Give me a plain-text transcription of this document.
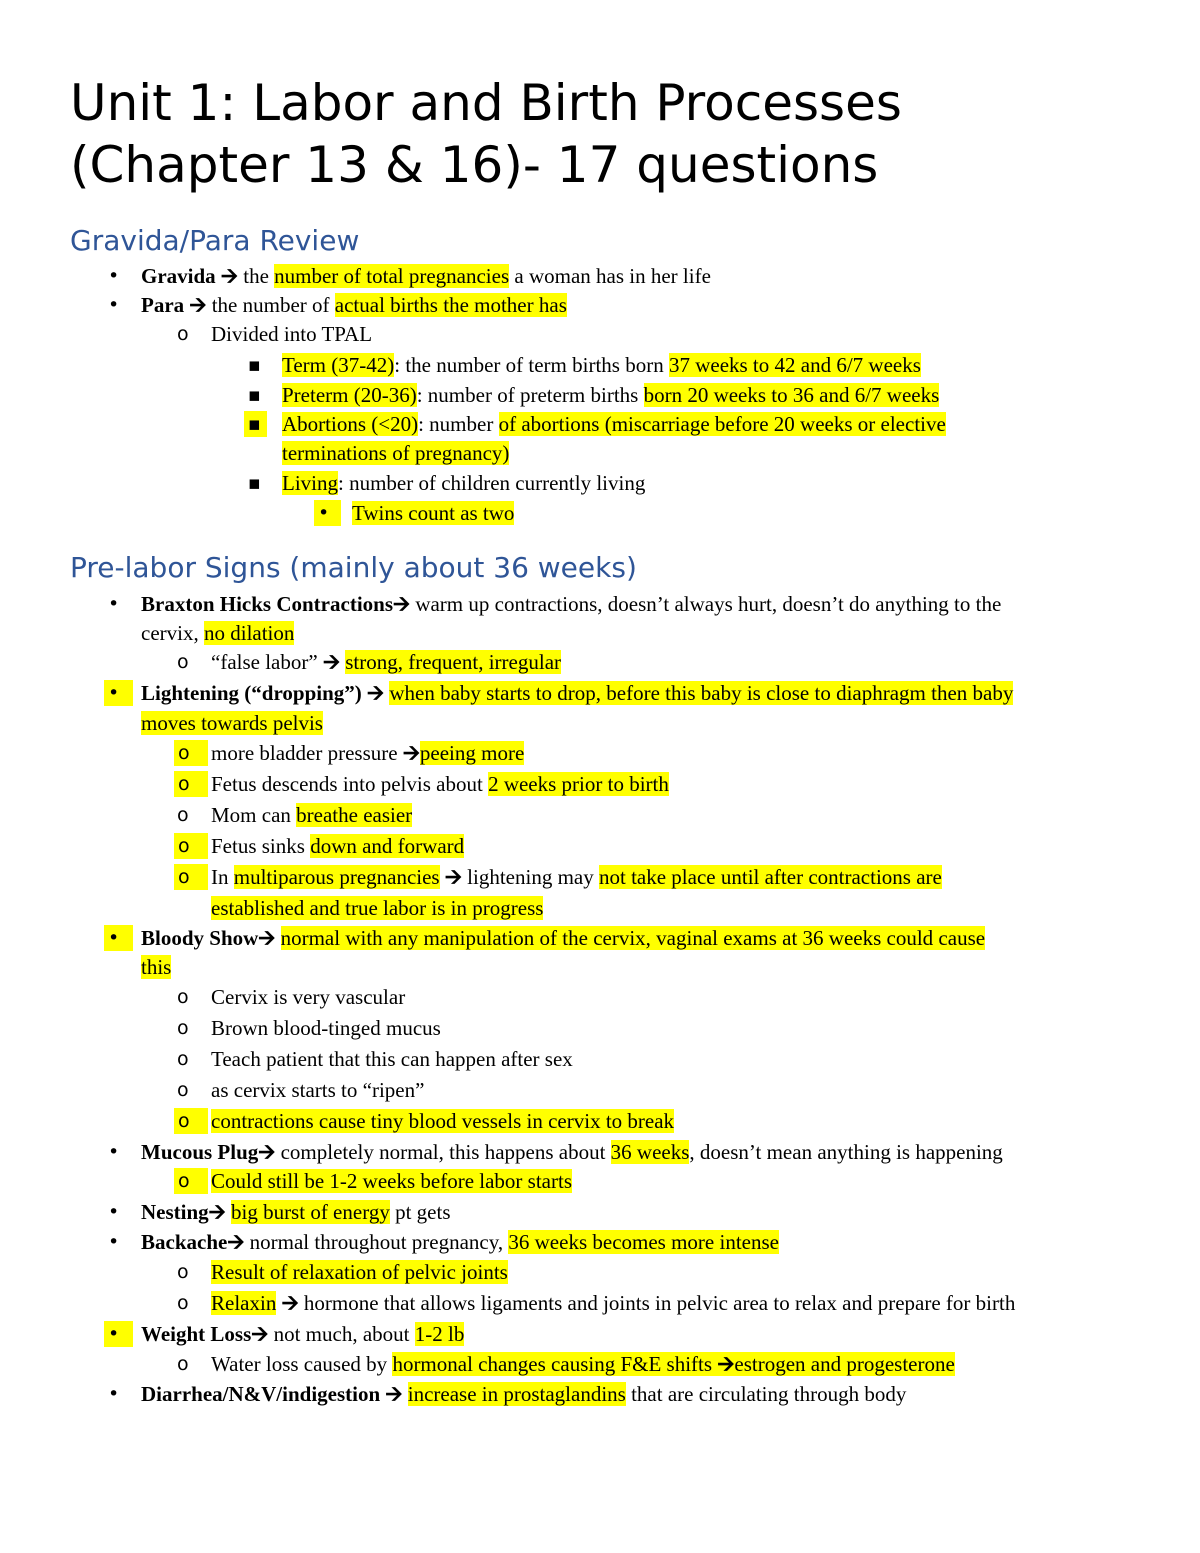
Unit 1: Labor and Birth Processes
(Chapter 13 & 16)- 17 questions
Gravida/Para Review
• Gravida 🡪 the number of total pregnancies a woman has in her life

• Para 🡪 the number of actual births the mother has

o Divided into TPAL

▪ Term (37-42): the number of term births born 37 weeks to 42 and 6/7 weeks

▪ Preterm (20-36): number of preterm births born 20 weeks to 36 and 6/7 weeks

▪ Abortions (<20): number of abortions (miscarriage before 20 weeks or elective

terminations of pregnancy)

▪ Living: number of children currently living

•	Twins count as two

Pre-labor Signs (mainly about 36 weeks)
• Braxton Hicks Contractions🡪 warm up contractions, doesn’t always hurt, doesn’t do anything to the

cervix, no dilation

o “false labor” 🡪 strong, frequent, irregular

•	Lightening (“dropping”) 🡪 when baby starts to drop, before this baby is close to diaphragm then baby

moves towards pelvis

o	more bladder pressure 🡪peeing more

o	Fetus descends into pelvis about 2 weeks prior to birth

o Mom can breathe easier

o	Fetus sinks down and forward

o	In multiparous pregnancies 🡪 lightening may not take place until after contractions are

established and true labor is in progress

•	Bloody Show🡪 normal with any manipulation of the cervix, vaginal exams at 36 weeks could cause

this

o Cervix is very vascular

o Brown blood-tinged mucus

o Teach patient that this can happen after sex

o as cervix starts to “ripen”

o	contractions cause tiny blood vessels in cervix to break

• Mucous Plug🡪 completely normal, this happens about 36 weeks, doesn’t mean anything is happening

o	Could still be 1-2 weeks before labor starts

• Nesting🡪 big burst of energy pt gets

• Backache🡪 normal throughout pregnancy, 36 weeks becomes more intense

o Result of relaxation of pelvic joints

o Relaxin 🡪 hormone that allows ligaments and joints in pelvic area to relax and prepare for birth

•	Weight Loss🡪 not much, about 1-2 lb

o Water loss caused by hormonal changes causing F&E shifts 🡪estrogen and progesterone

• Diarrhea/N&V/indigestion 🡪 increase in prostaglandins that are circulating through body
